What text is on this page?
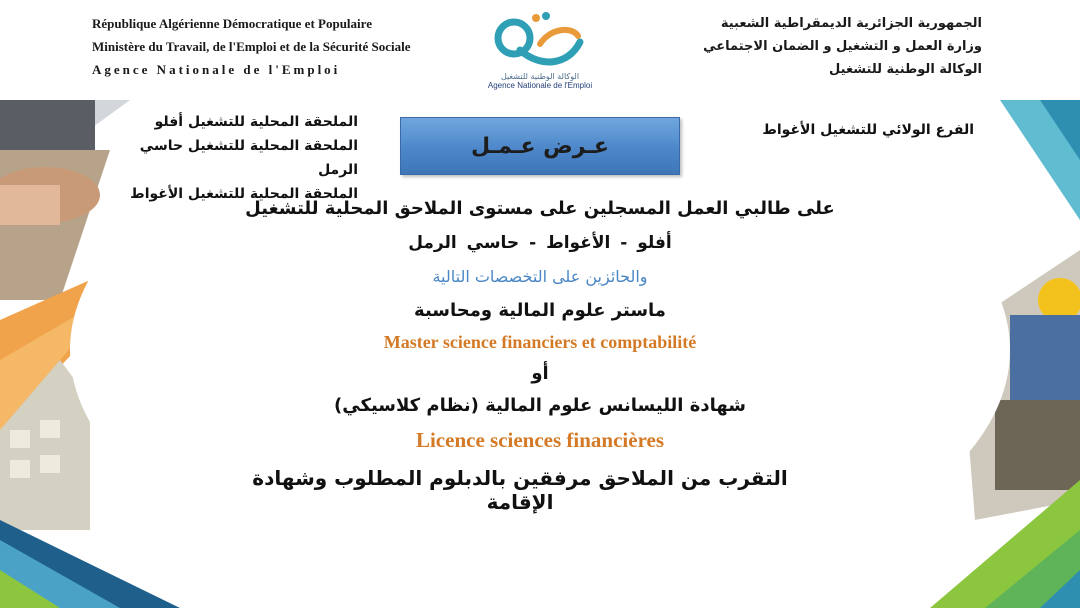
République Algérienne Démocratique et Populaire
Ministère du Travail, de l'Emploi et de la Sécurité Sociale
Agence Nationale de l'Emploi	الوكالة الوطنية للتشغيل
Agence Nationale de l'Emploi
الجمهورية الجزائرية الديمقراطية الشعبية
وزارة العمل و التشغيل و الضمان الاجتماعي
الوكالة الوطنية للتشغيل
الملحقة المحلية للتشغيل أفلو
الملحقة المحلية للتشغيل حاسي الرمل
الملحقة المحلية للتشغيل الأغواط
عـرض عـمـل
الفرع الولائي للتشغيل الأغواط
على طالبي العمل المسجلين على مستوى الملاحق المحلية للتشغيل
أفلو - الأغواط - حاسي الرمل
والحائزين على التخصصات التالية
ماستر علوم المالية ومحاسبة
Master science financiers et comptabilité
أو
شهادة الليسانس علوم المالية (نظام كلاسيكي)
Licence sciences financières
التقرب من الملاحق مرفقين بالدبلوم المطلوب وشهادة الإقامة
